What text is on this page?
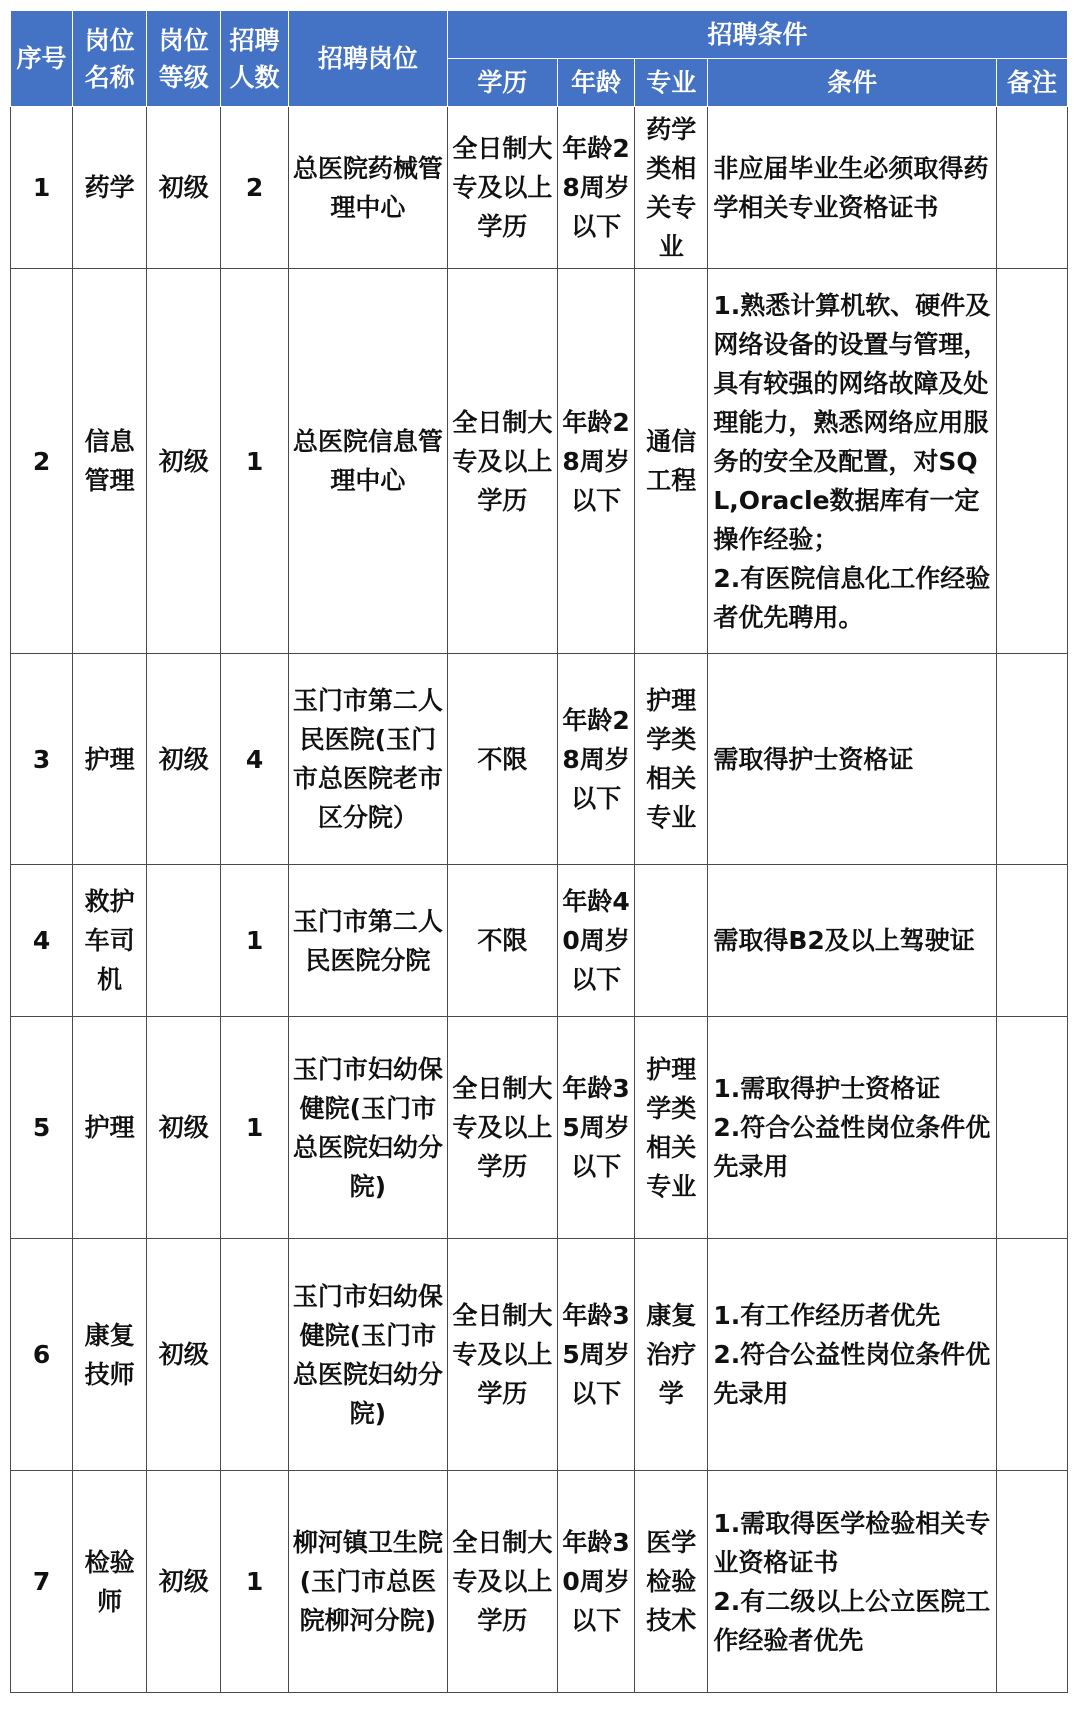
序号	岗位名称	岗位等级	招聘人数	招聘岗位	招聘条件				
					学历	年龄	专业	条件	备注
1	药学	初级	2	总医院药械管理中心	全日制大专及以上学历	年龄28周岁以下	药学类相关专业	非应届毕业生必须取得药学相关专业资格证书	

2	信息管理	初级	1	总医院信息管理中心	全日制大专及以上学历	年龄28周岁以下	通信工程	1.熟悉计算机软、硬件及网络设备的设置与管理，具有较强的网络故障及处理能力，熟悉网络应用服务的安全及配置，对SQL,Oracle数据库有一定操作经验；
2.有医院信息化工作经验者优先聘用。	

3	护理	初级	4	玉门市第二人民医院(玉门市总医院老市区分院）	不限	年龄28周岁以下	护理学类相关专业	需取得护士资格证	

4	救护车司机		1	玉门市第二人民医院分院	不限	年龄40周岁以下		需取得B2及以上驾驶证	

5	护理	初级	1	玉门市妇幼保健院(玉门市总医院妇幼分院)	全日制大专及以上学历	年龄35周岁以下	护理学类相关专业	1.需取得护士资格证
2.符合公益性岗位条件优先录用	

6	康复技师	初级		玉门市妇幼保健院(玉门市总医院妇幼分院)	全日制大专及以上学历	年龄35周岁以下	康复治疗学	1.有工作经历者优先
2.符合公益性岗位条件优先录用	

7	检验师	初级	1	柳河镇卫生院(玉门市总医院柳河分院)	全日制大专及以上学历	年龄30周岁以下	医学检验技术	1.需取得医学检验相关专业资格证书
2.有二级以上公立医院工作经验者优先	
